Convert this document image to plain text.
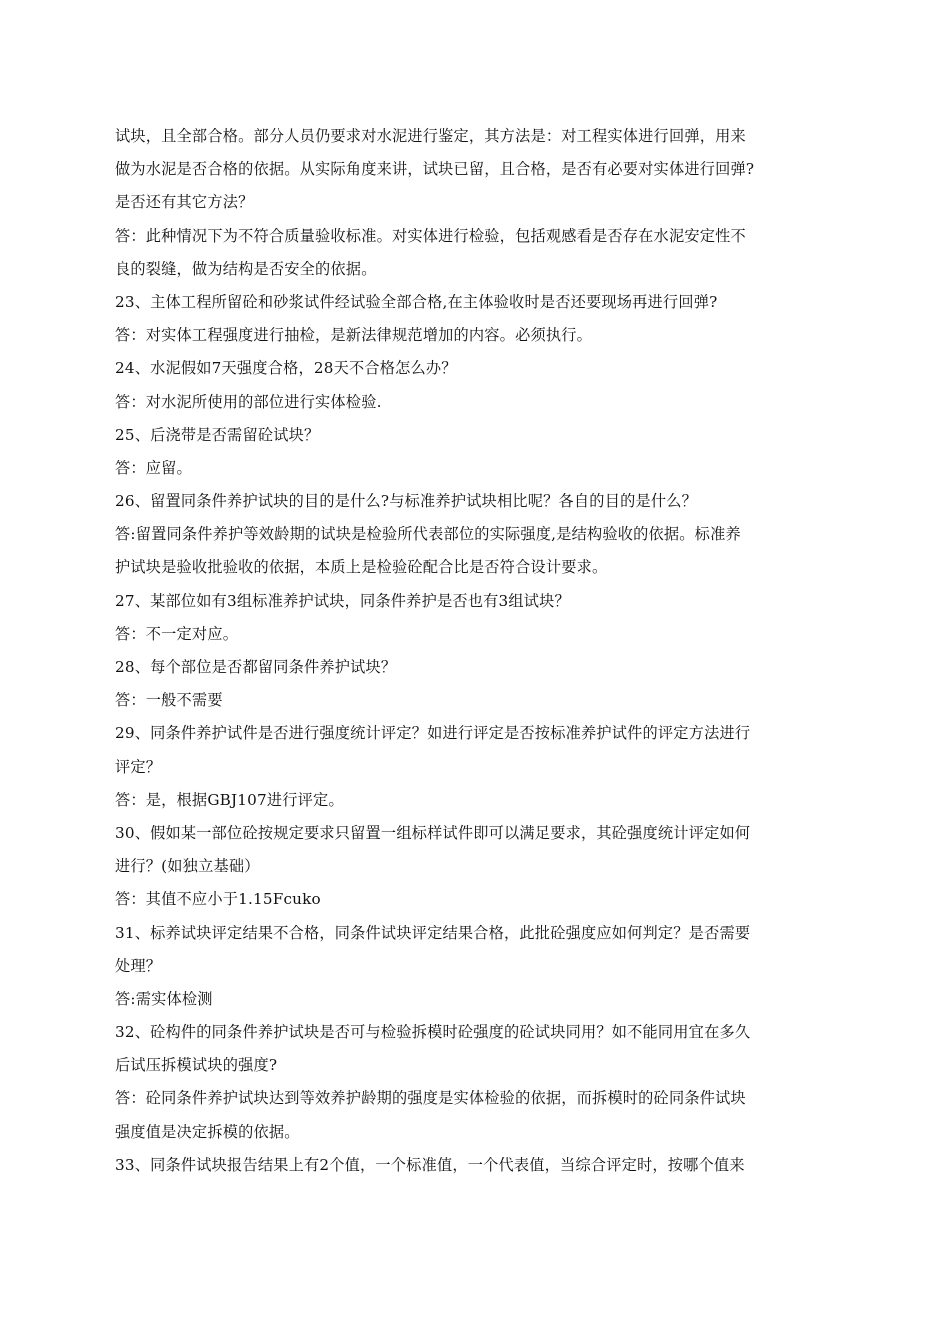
试块，且全部合格。部分人员仍要求对水泥进行鉴定，其方法是：对工程实体进行回弹，用来
做为水泥是否合格的依据。从实际角度来讲，试块已留，且合格，是否有必要对实体进行回弹?
是否还有其它方法？
答：此种情况下为不符合质量验收标准。对实体进行检验，包括观感看是否存在水泥安定性不
良的裂缝，做为结构是否安全的依据。
23、主体工程所留砼和砂浆试件经试验全部合格,在主体验收时是否还要现场再进行回弹?
答：对实体工程强度进行抽检，是新法律规范增加的内容。必须执行。
24、水泥假如7天强度合格，28天不合格怎么办？
答：对水泥所使用的部位进行实体检验.
25、后浇带是否需留砼试块？
答：应留。
26、留置同条件养护试块的目的是什么?与标准养护试块相比呢？各自的目的是什么？
答:留置同条件养护等效龄期的试块是检验所代表部位的实际强度,是结构验收的依据。标准养
护试块是验收批验收的依据，本质上是检验砼配合比是否符合设计要求。
27、某部位如有3组标准养护试块，同条件养护是否也有3组试块？
答：不一定对应。
28、每个部位是否都留同条件养护试块？
答：一般不需要
29、同条件养护试件是否进行强度统计评定？如进行评定是否按标准养护试件的评定方法进行
评定？
答：是，根据GBJ107进行评定。
30、假如某一部位砼按规定要求只留置一组标样试件即可以满足要求，其砼强度统计评定如何
进行？(如独立基础）
答：其值不应小于1.15Fcuko
31、标养试块评定结果不合格，同条件试块评定结果合格，此批砼强度应如何判定？是否需要
处理？
答:需实体检测
32、砼构件的同条件养护试块是否可与检验拆模时砼强度的砼试块同用？如不能同用宜在多久
后试压拆模试块的强度?
答：砼同条件养护试块达到等效养护龄期的强度是实体检验的依据，而拆模时的砼同条件试块
强度值是决定拆模的依据。
33、同条件试块报告结果上有2个值，一个标准值，一个代表值，当综合评定时，按哪个值来
